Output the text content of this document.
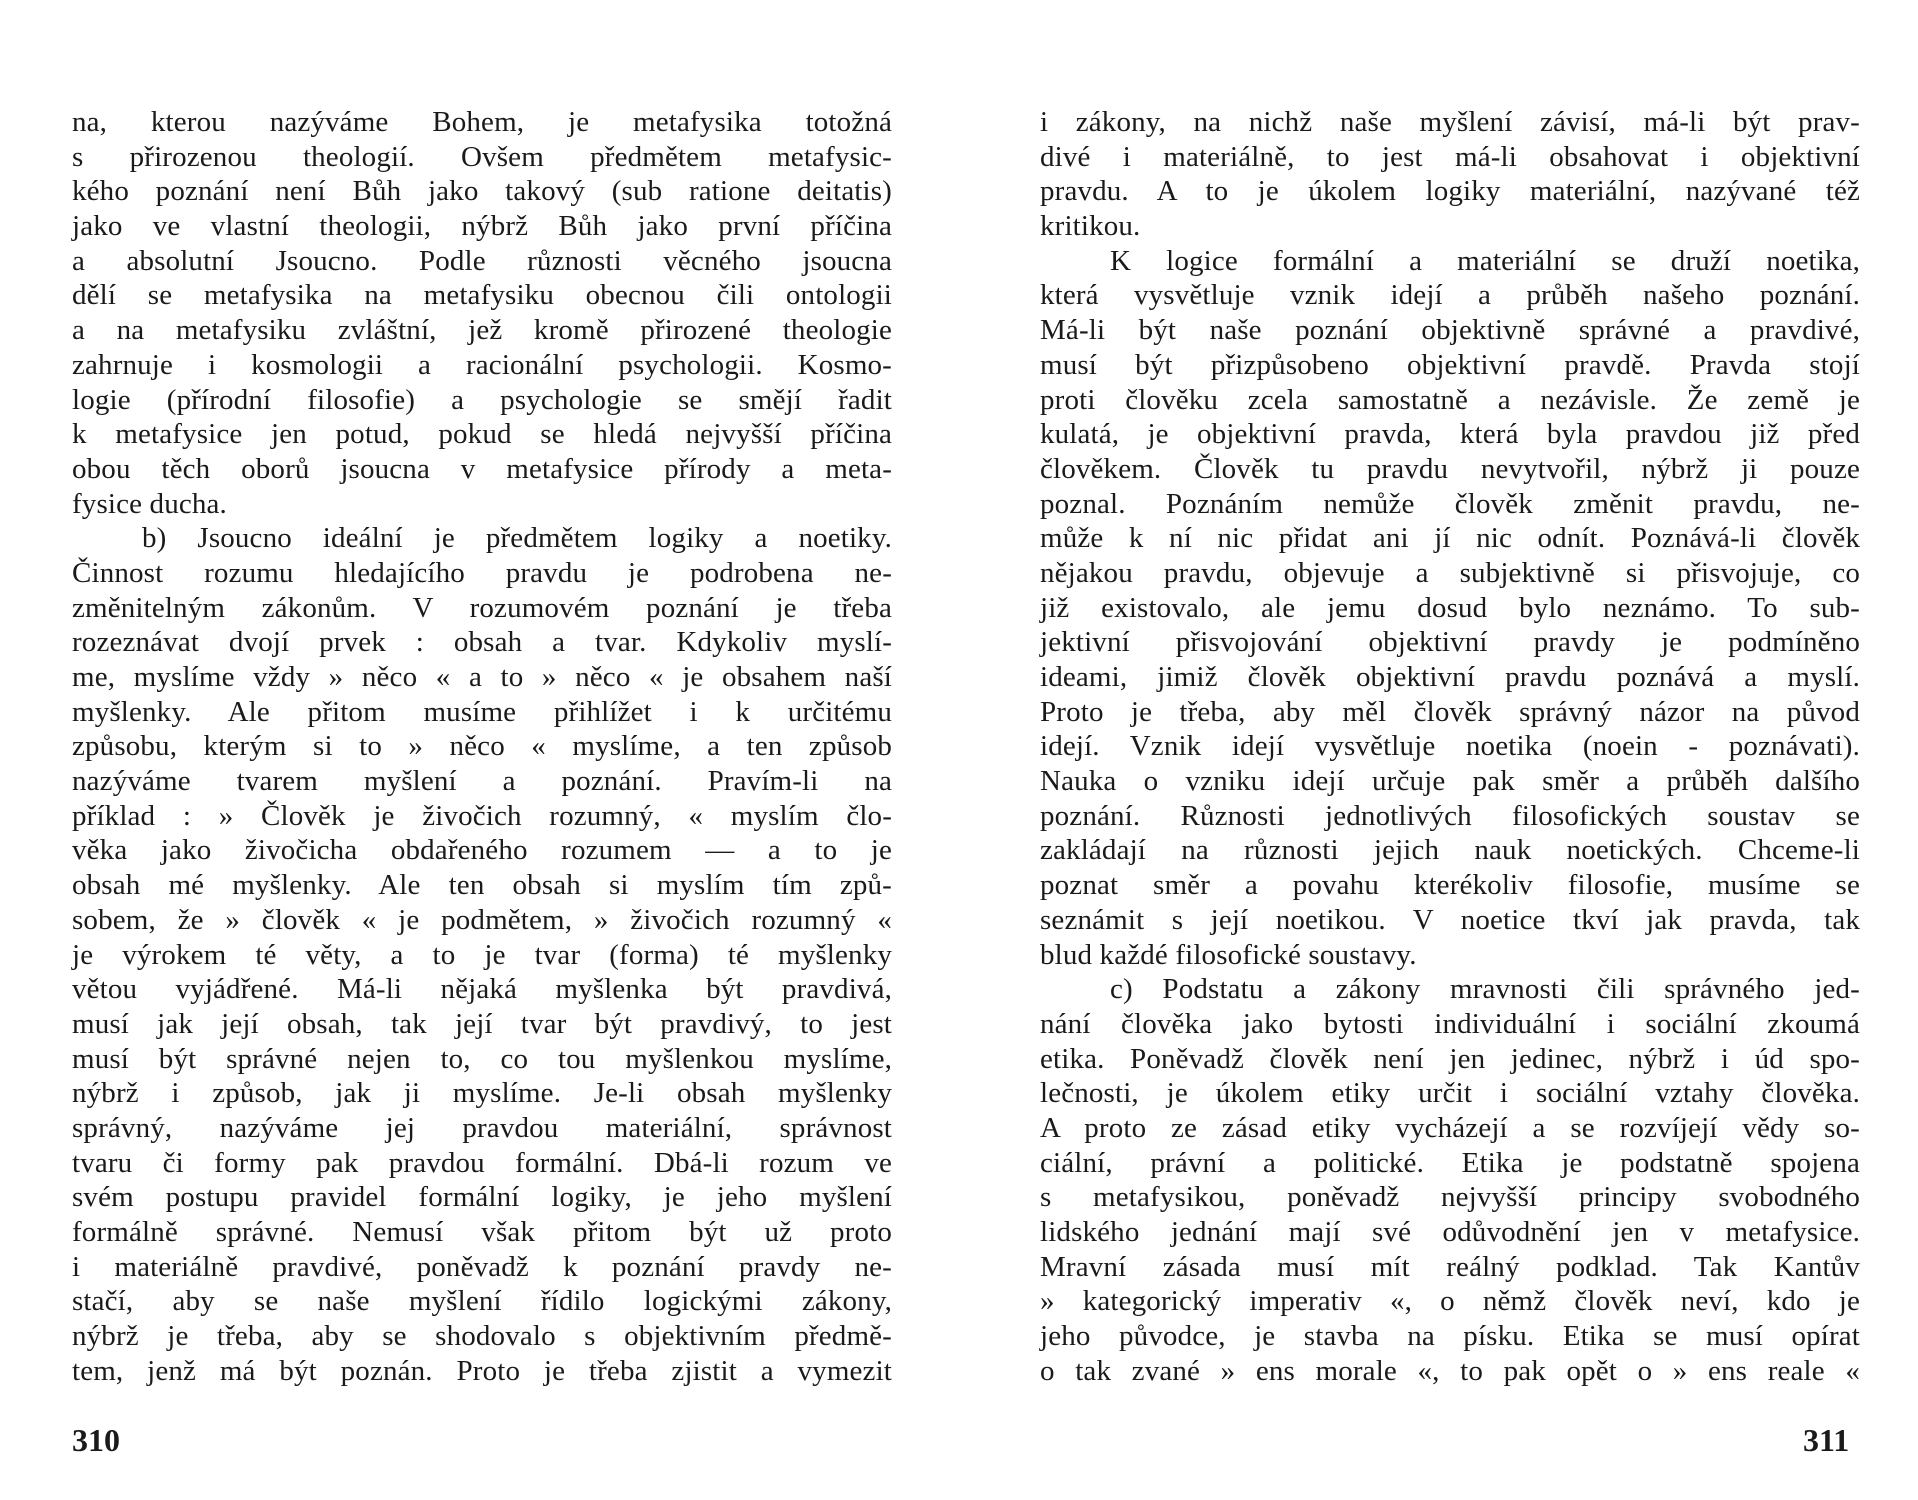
na, kterou nazýváme Bohem, je metafysika totožná
s přirozenou theologií. Ovšem předmětem metafysic-
kého poznání není Bůh jako takový (sub ratione deitatis)
jako ve vlastní theologii, nýbrž Bůh jako první příčina
a absolutní Jsoucno. Podle různosti věcného jsoucna
dělí se metafysika na metafysiku obecnou čili ontologii
a na metafysiku zvláštní, jež kromě přirozené theologie
zahrnuje i kosmologii a racionální psychologii. Kosmo-
logie (přírodní filosofie) a psychologie se smějí řadit
k metafysice jen potud, pokud se hledá nejvyšší příčina
obou těch oborů jsoucna v metafysice přírody a meta-
fysice ducha.
b) Jsoucno ideální je předmětem logiky a noetiky.
Činnost rozumu hledajícího pravdu je podrobena ne-
změnitelným zákonům. V rozumovém poznání je třeba
rozeznávat dvojí prvek : obsah a tvar. Kdykoliv myslí-
me, myslíme vždy » něco « a to » něco « je obsahem naší
myšlenky. Ale přitom musíme přihlížet i k určitému
způsobu, kterým si to » něco « myslíme, a ten způsob
nazýváme tvarem myšlení a poznání. Pravím-li na
příklad : » Člověk je živočich rozumný, « myslím člo-
věka jako živočicha obdařeného rozumem — a to je
obsah mé myšlenky. Ale ten obsah si myslím tím způ-
sobem, že » člověk « je podmětem, » živočich rozumný «
je výrokem té věty, a to je tvar (forma) té myšlenky
větou vyjádřené. Má-li nějaká myšlenka být pravdivá,
musí jak její obsah, tak její tvar být pravdivý, to jest
musí být správné nejen to, co tou myšlenkou myslíme,
nýbrž i způsob, jak ji myslíme. Je-li obsah myšlenky
správný, nazýváme jej pravdou materiální, správnost
tvaru či formy pak pravdou formální. Dbá-li rozum ve
svém postupu pravidel formální logiky, je jeho myšlení
formálně správné. Nemusí však přitom být už proto
i materiálně pravdivé, poněvadž k poznání pravdy ne-
stačí, aby se naše myšlení řídilo logickými zákony,
nýbrž je třeba, aby se shodovalo s objektivním předmě-
tem, jenž má být poznán. Proto je třeba zjistit a vymezit
i zákony, na nichž naše myšlení závisí, má-li být prav-
divé i materiálně, to jest má-li obsahovat i objektivní
pravdu. A to je úkolem logiky materiální, nazývané též
kritikou.
K logice formální a materiální se druží noetika,
která vysvětluje vznik idejí a průběh našeho poznání.
Má-li být naše poznání objektivně správné a pravdivé,
musí být přizpůsobeno objektivní pravdě. Pravda stojí
proti člověku zcela samostatně a nezávisle. Že země je
kulatá, je objektivní pravda, která byla pravdou již před
člověkem. Člověk tu pravdu nevytvořil, nýbrž ji pouze
poznal. Poznáním nemůže člověk změnit pravdu, ne-
může k ní nic přidat ani jí nic odnít. Poznává-li člověk
nějakou pravdu, objevuje a subjektivně si přisvojuje, co
již existovalo, ale jemu dosud bylo neznámo. To sub-
jektivní přisvojování objektivní pravdy je podmíněno
ideami, jimiž člověk objektivní pravdu poznává a myslí.
Proto je třeba, aby měl člověk správný názor na původ
idejí. Vznik idejí vysvětluje noetika (noein - poznávati).
Nauka o vzniku idejí určuje pak směr a průběh dalšího
poznání. Různosti jednotlivých filosofických soustav se
zakládají na různosti jejich nauk noetických. Chceme-li
poznat směr a povahu kterékoliv filosofie, musíme se
seznámit s její noetikou. V noetice tkví jak pravda, tak
blud každé filosofické soustavy.
c) Podstatu a zákony mravnosti čili správného jed-
nání člověka jako bytosti individuální i sociální zkoumá
etika. Poněvadž člověk není jen jedinec, nýbrž i úd spo-
lečnosti, je úkolem etiky určit i sociální vztahy člověka.
A proto ze zásad etiky vycházejí a se rozvíjejí vědy so-
ciální, právní a politické. Etika je podstatně spojena
s metafysikou, poněvadž nejvyšší principy svobodného
lidského jednání mají své odůvodnění jen v metafysice.
Mravní zásada musí mít reálný podklad. Tak Kantův
» kategorický imperativ «, o němž člověk neví, kdo je
jeho původce, je stavba na písku. Etika se musí opírat
o tak zvané » ens morale «, to pak opět o » ens reale «
310	311
